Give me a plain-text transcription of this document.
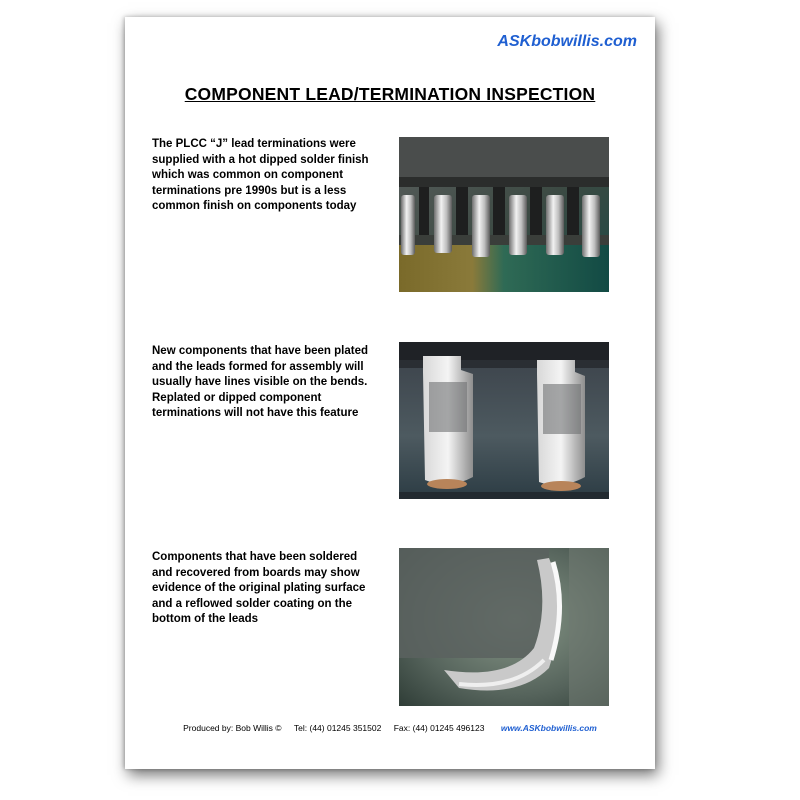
ASKbobwillis.com
COMPONENT LEAD/TERMINATION INSPECTION
The PLCC “J” lead terminations were
supplied with a hot dipped solder finish
which was common on component
terminations pre 1990s but is a less
common finish on components today
New components that have been plated
and the leads formed for assembly will
usually have lines visible on the bends.
Replated or dipped component
terminations will not have this feature
Components that have been soldered
and recovered from boards may show
evidence of the original plating surface
and a reflowed solder coating on the
bottom of the leads
Produced by: Bob Willis © Tel: (44) 01245 351502 Fax: (44) 01245 496123 www.ASKbobwillis.com
